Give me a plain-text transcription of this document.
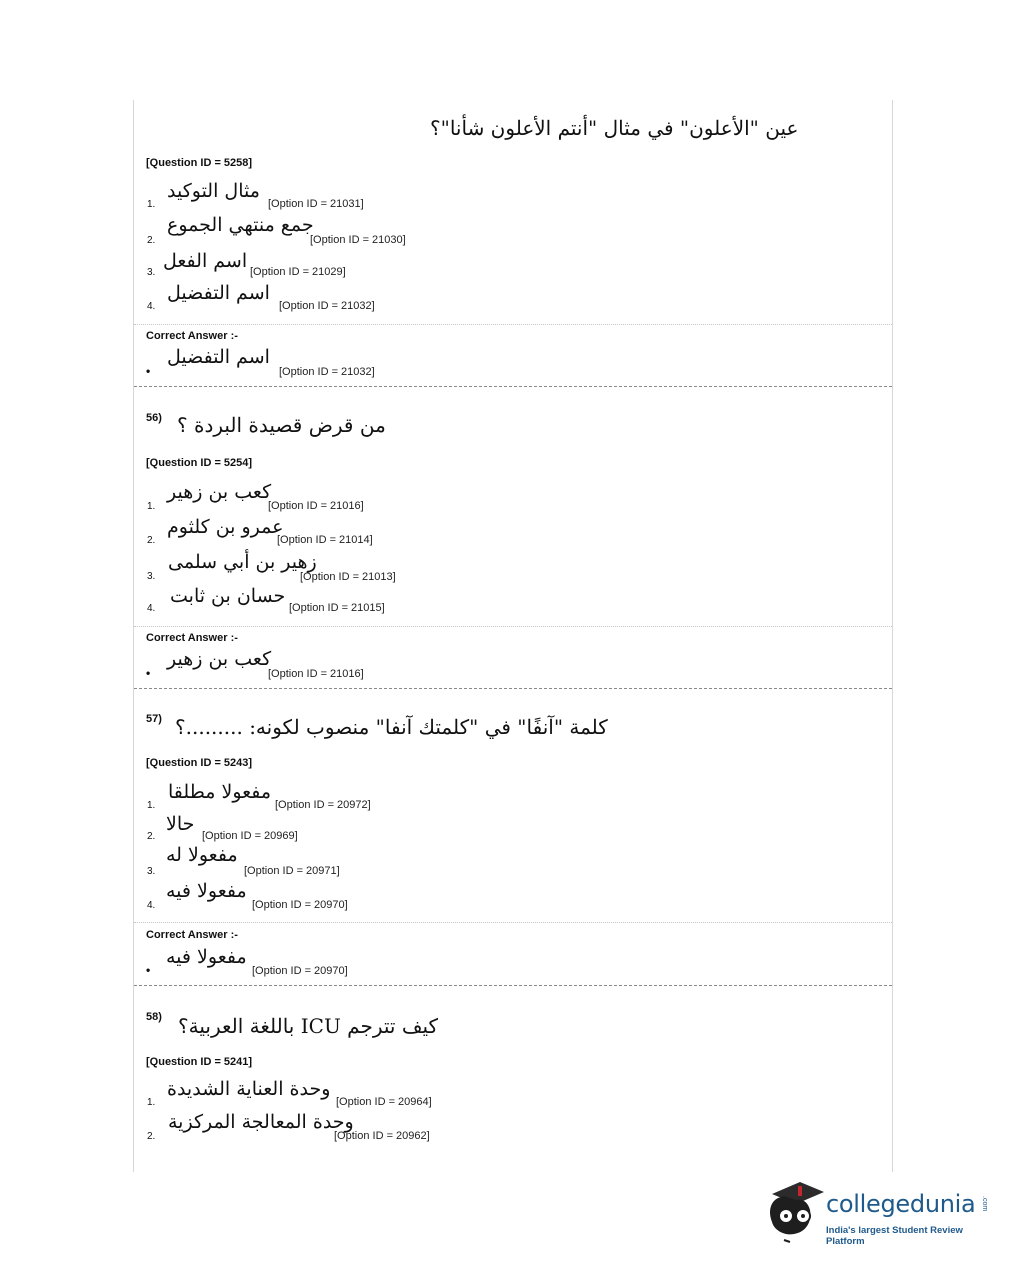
عين "الأعلون" في مثال "أنتم الأعلون شأنا"؟
[Question ID = 5258]
1.
مثال التوكيد
[Option ID = 21031]
2.
جمع منتهي الجموع
[Option ID = 21030]
3.
اسم الفعل [Option ID = 21029]
4.
اسم التفضيل
[Option ID = 21032]
Correct Answer :-
•
اسم التفضيل
[Option ID = 21032]
56) من قرض قصيدة البردة ؟
[Question ID = 5254]
1.
كعب بن زهير
[Option ID = 21016]
2.
عمرو بن كلثوم
[Option ID = 21014]
3.
زهير بن أبي سلمى
[Option ID = 21013]
4.
حسان بن ثابت
[Option ID = 21015]
Correct Answer :-
•
كعب بن زهير
[Option ID = 21016]
57) كلمة "آنفًا" في "كلمتك آنفا" منصوب لكونه: .........؟
[Question ID = 5243]
1.
مفعولا مطلقا
[Option ID = 20972]
2.
حالا
[Option ID = 20969]
3.
مفعولا له
[Option ID = 20971]
4.
مفعولا فيه
[Option ID = 20970]
Correct Answer :-
•
مفعولا فيه
[Option ID = 20970]
58) كيف تترجم ICU باللغة العربية؟
[Question ID = 5241]
1.
وحدة العناية الشديدة
[Option ID = 20964]
2.
وحدة المعالجة المركزية
[Option ID = 20962]
collegedunia .com
India's largest Student Review Platform
